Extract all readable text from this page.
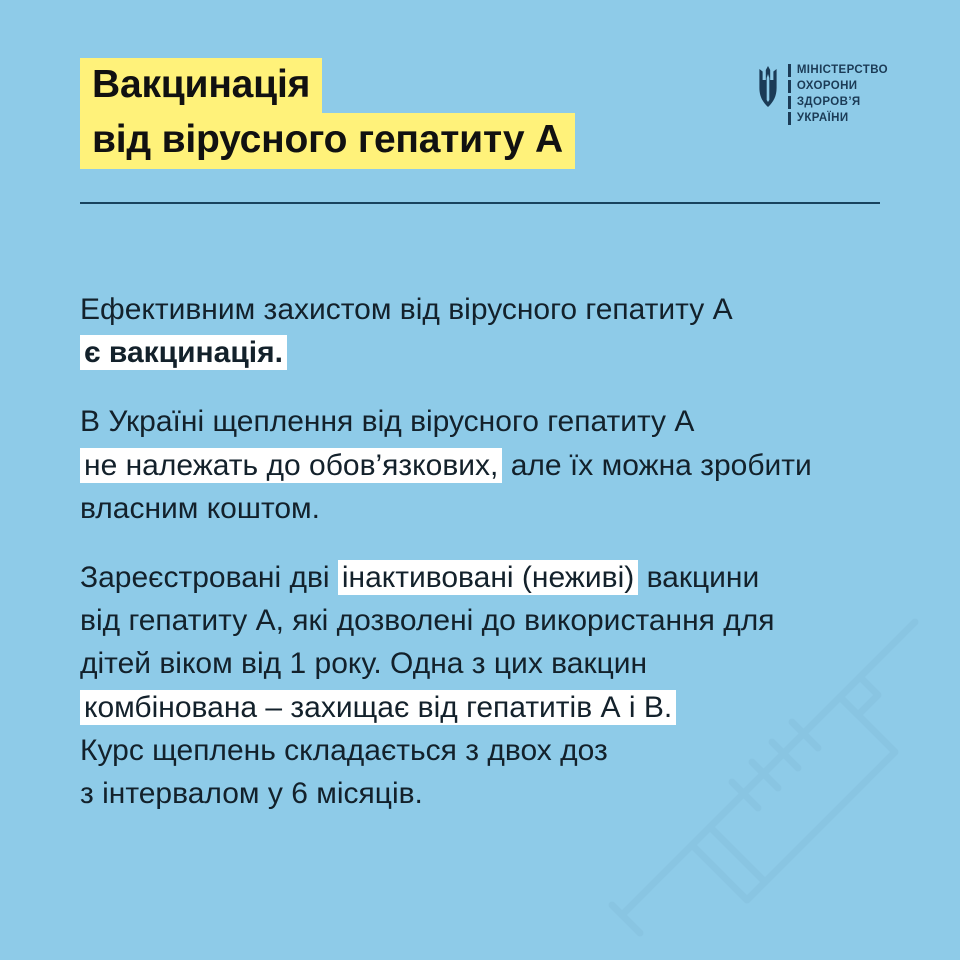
Вакцинація
від вірусного гепатиту А
МІНІСТЕРСТВО
ОХОРОНИ
ЗДОРОВ’Я
УКРАЇНИ

Ефективним захистом від вірусного гепатиту А
є вакцинація.

В Україні щеплення від вірусного гепатиту А
не належать до обов’язкових, але їх можна зробити
власним коштом.

Зареєстровані дві інактивовані (неживі) вакцини
від гепатиту А, які дозволені до використання для
дітей віком від 1 року. Одна з цих вакцин
комбінована – захищає від гепатитів А і В.
Курс щеплень складається з двох доз
з інтервалом у 6 місяців.
